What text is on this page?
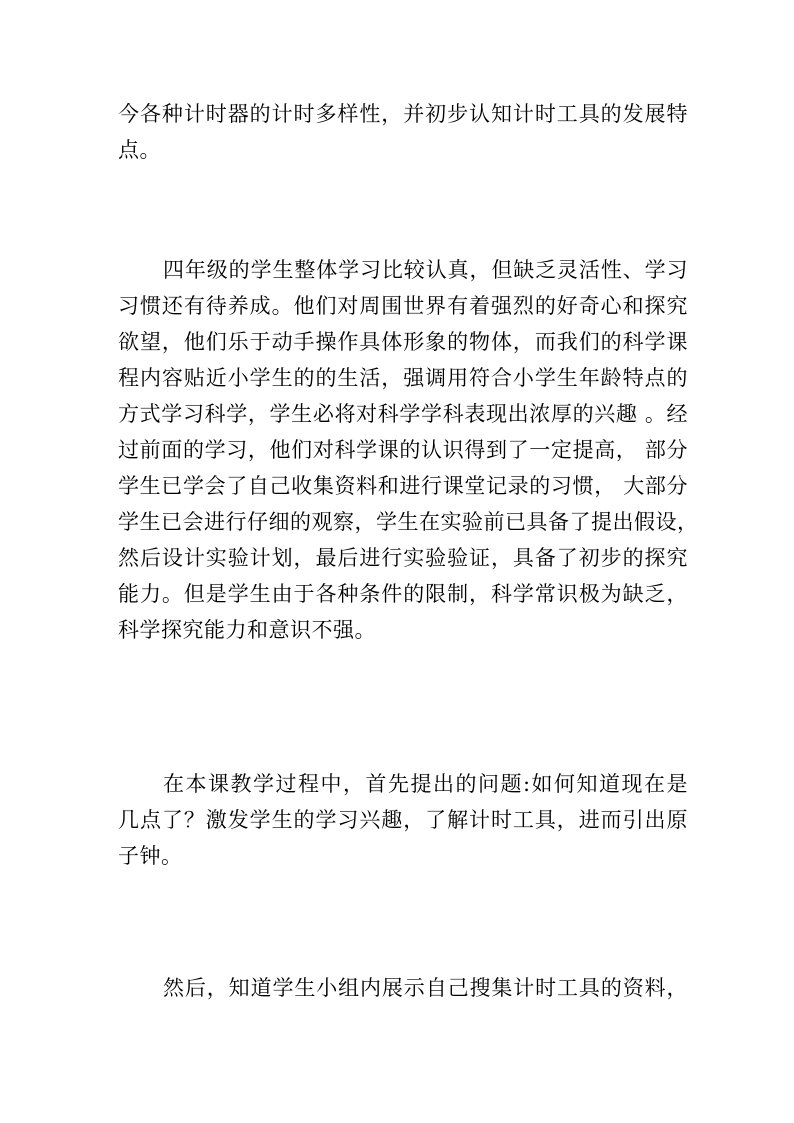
今各种计时器的计时多样性，并初步认知计时工具的发展特
点。
四年级的学生整体学习比较认真，但缺乏灵活性、学习
习惯还有待养成。他们对周围世界有着强烈的好奇心和探究
欲望，他们乐于动手操作具体形象的物体，而我们的科学课
程内容贴近小学生的的生活，强调用符合小学生年龄特点的
方式学习科学，学生必将对科学学科表现出浓厚的兴趣 。经
过前面的学习，他们对科学课的认识得到了一定提高， 部分
学生已学会了自己收集资料和进行课堂记录的习惯， 大部分
学生已会进行仔细的观察，学生在实验前已具备了提出假设，
然后设计实验计划，最后进行实验验证，具备了初步的探究
能力。但是学生由于各种条件的限制，科学常识极为缺乏，
科学探究能力和意识不强。
在本课教学过程中，首先提出的问题:如何知道现在是
几点了？激发学生的学习兴趣，了解计时工具，进而引出原
子钟。
然后，知道学生小组内展示自己搜集计时工具的资料，
